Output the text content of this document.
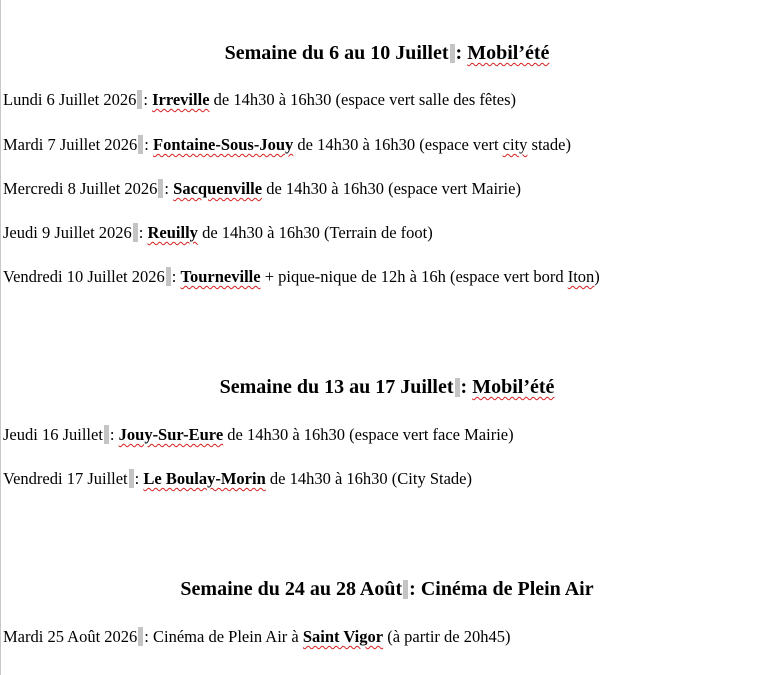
Semaine du 6 au 10 Juillet : Mobil’été
Lundi 6 Juillet 2026 : Irreville de 14h30 à 16h30 (espace vert salle des fêtes)
Mardi 7 Juillet 2026 : Fontaine-Sous-Jouy de 14h30 à 16h30 (espace vert city stade)
Mercredi 8 Juillet 2026 : Sacquenville de 14h30 à 16h30 (espace vert Mairie)
Jeudi 9 Juillet 2026 : Reuilly de 14h30 à 16h30 (Terrain de foot)
Vendredi 10 Juillet 2026 : Tourneville + pique-nique de 12h à 16h (espace vert bord Iton)
Semaine du 13 au 17 Juillet : Mobil’été
Jeudi 16 Juillet : Jouy-Sur-Eure de 14h30 à 16h30 (espace vert face Mairie)
Vendredi 17 Juillet : Le Boulay-Morin de 14h30 à 16h30 (City Stade)
Semaine du 24 au 28 Août : Cinéma de Plein Air
Mardi 25 Août 2026 : Cinéma de Plein Air à Saint Vigor (à partir de 20h45)
